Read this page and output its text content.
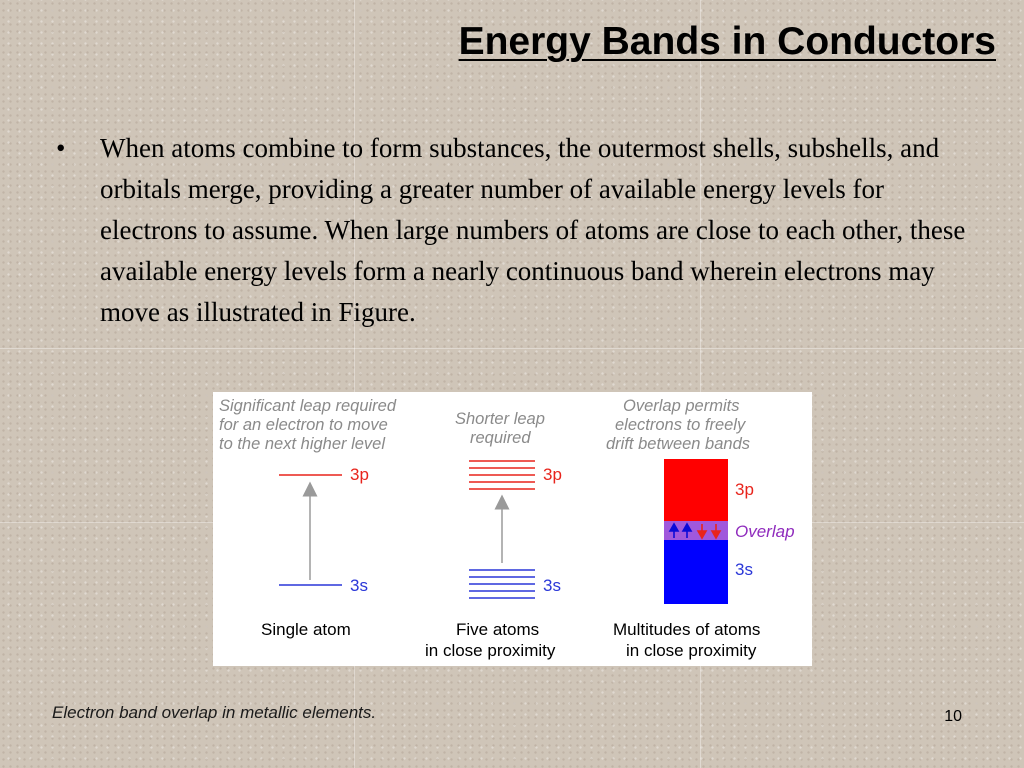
Energy Bands in Conductors
•	When atoms combine to form substances, the outermost shells, subshells, and orbitals merge, providing a greater number of available energy levels for electrons to assume. When large numbers of atoms are close to each other, these available energy levels form a nearly continuous band wherein electrons may move as illustrated in Figure.
Significant leap required
for an electron to move
to the next higher level
3p
3s
Single atom
Shorter leap
required
3p
3s
Five atoms
in close proximity
Overlap permits
electrons to freely
drift between bands
3p
Overlap
3s
Multitudes of atoms
in close proximity
Electron band overlap in metallic elements.	10
